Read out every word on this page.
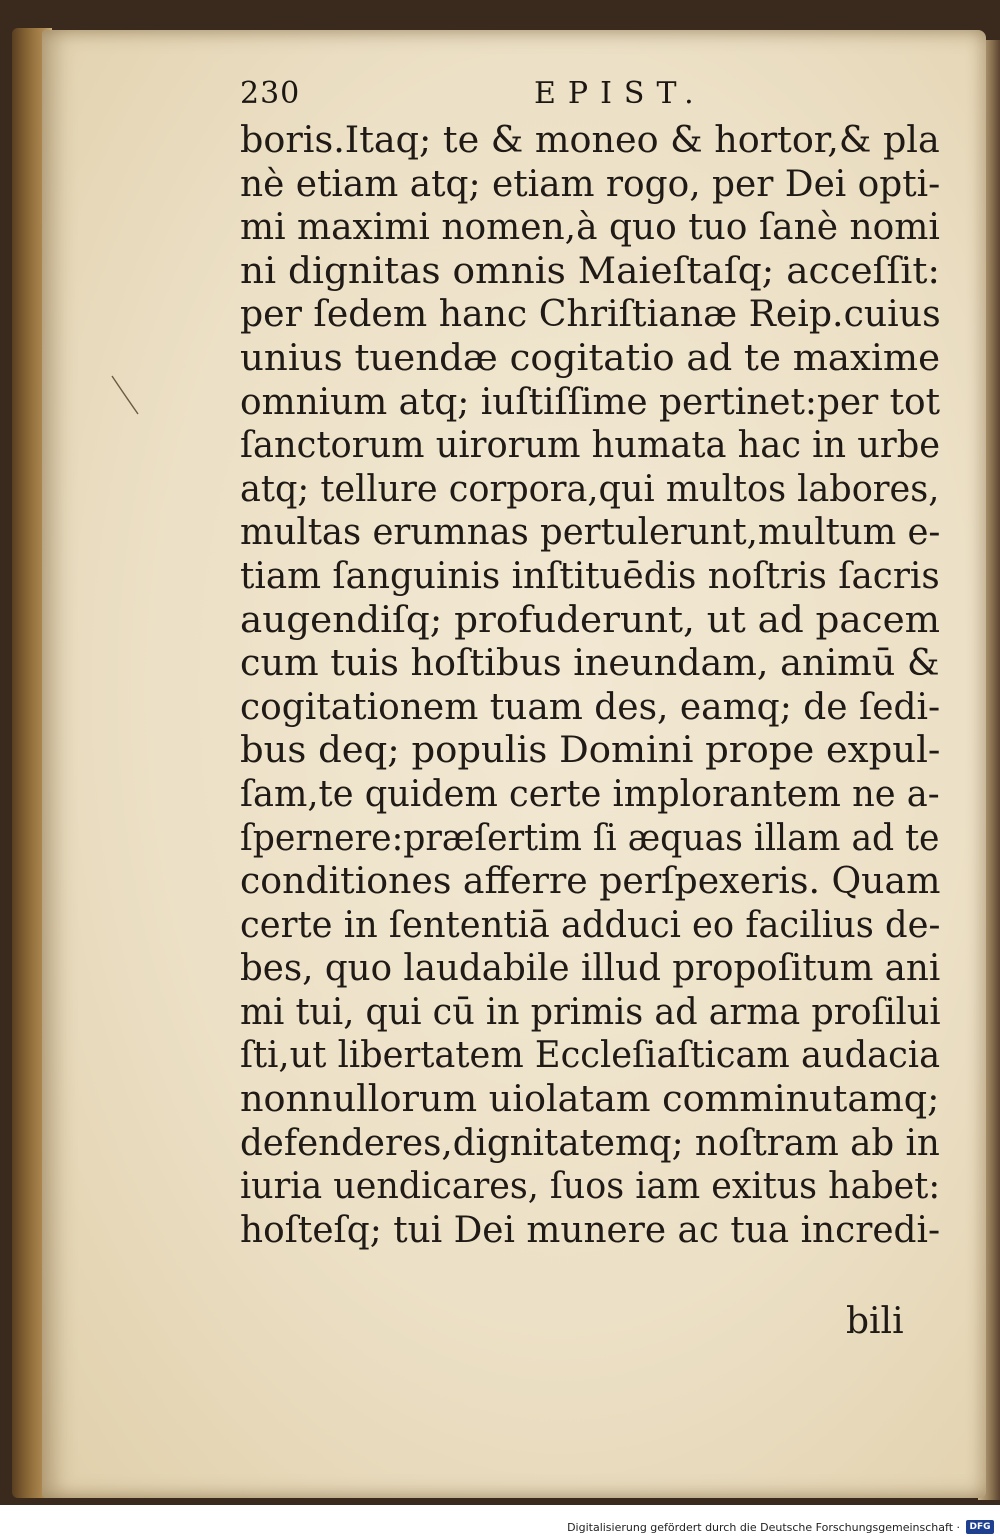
230	EPIST.
boris.Itaq; te & moneo & hortor,& pla
nè etiam atq; etiam rogo, per Dei opti-
mi maximi nomen,à quo tuo ſanè nomi
ni dignitas omnis Maieſtaſq; acceſſit:
per ſedem hanc Chriſtianæ Reip.cuius
unius tuendæ cogitatio ad te maxime
omnium atq; iuſtiſſime pertinet:per tot
ſanctorum uirorum humata hac in urbe
atq; tellure corpora,qui multos labores,
multas erumnas pertulerunt,multum e-
tiam ſanguinis inſtituēdis noſtris ſacris
augendiſq; profuderunt, ut ad pacem
cum tuis hoſtibus ineundam, animū &
cogitationem tuam des, eamq; de ſedi-
bus deq; populis Domini prope expul-
ſam,te quidem certe implorantem ne a-
ſpernere:præſertim ſi æquas illam ad te
conditiones afferre perſpexeris. Quam
certe in ſententiā adduci eo facilius de-
bes, quo laudabile illud propoſitum ani
mi tui, qui cū in primis ad arma proſilui
ſti,ut libertatem Eccleſiaſticam audacia
nonnullorum uiolatam comminutamq;
defenderes,dignitatemq; noſtram ab in
iuria uendicares, ſuos iam exitus habet:
hoſteſq; tui Dei munere ac tua incredi-
bili
Digitalisierung gefördert durch die Deutsche Forschungsgemeinschaft ·	DFG
